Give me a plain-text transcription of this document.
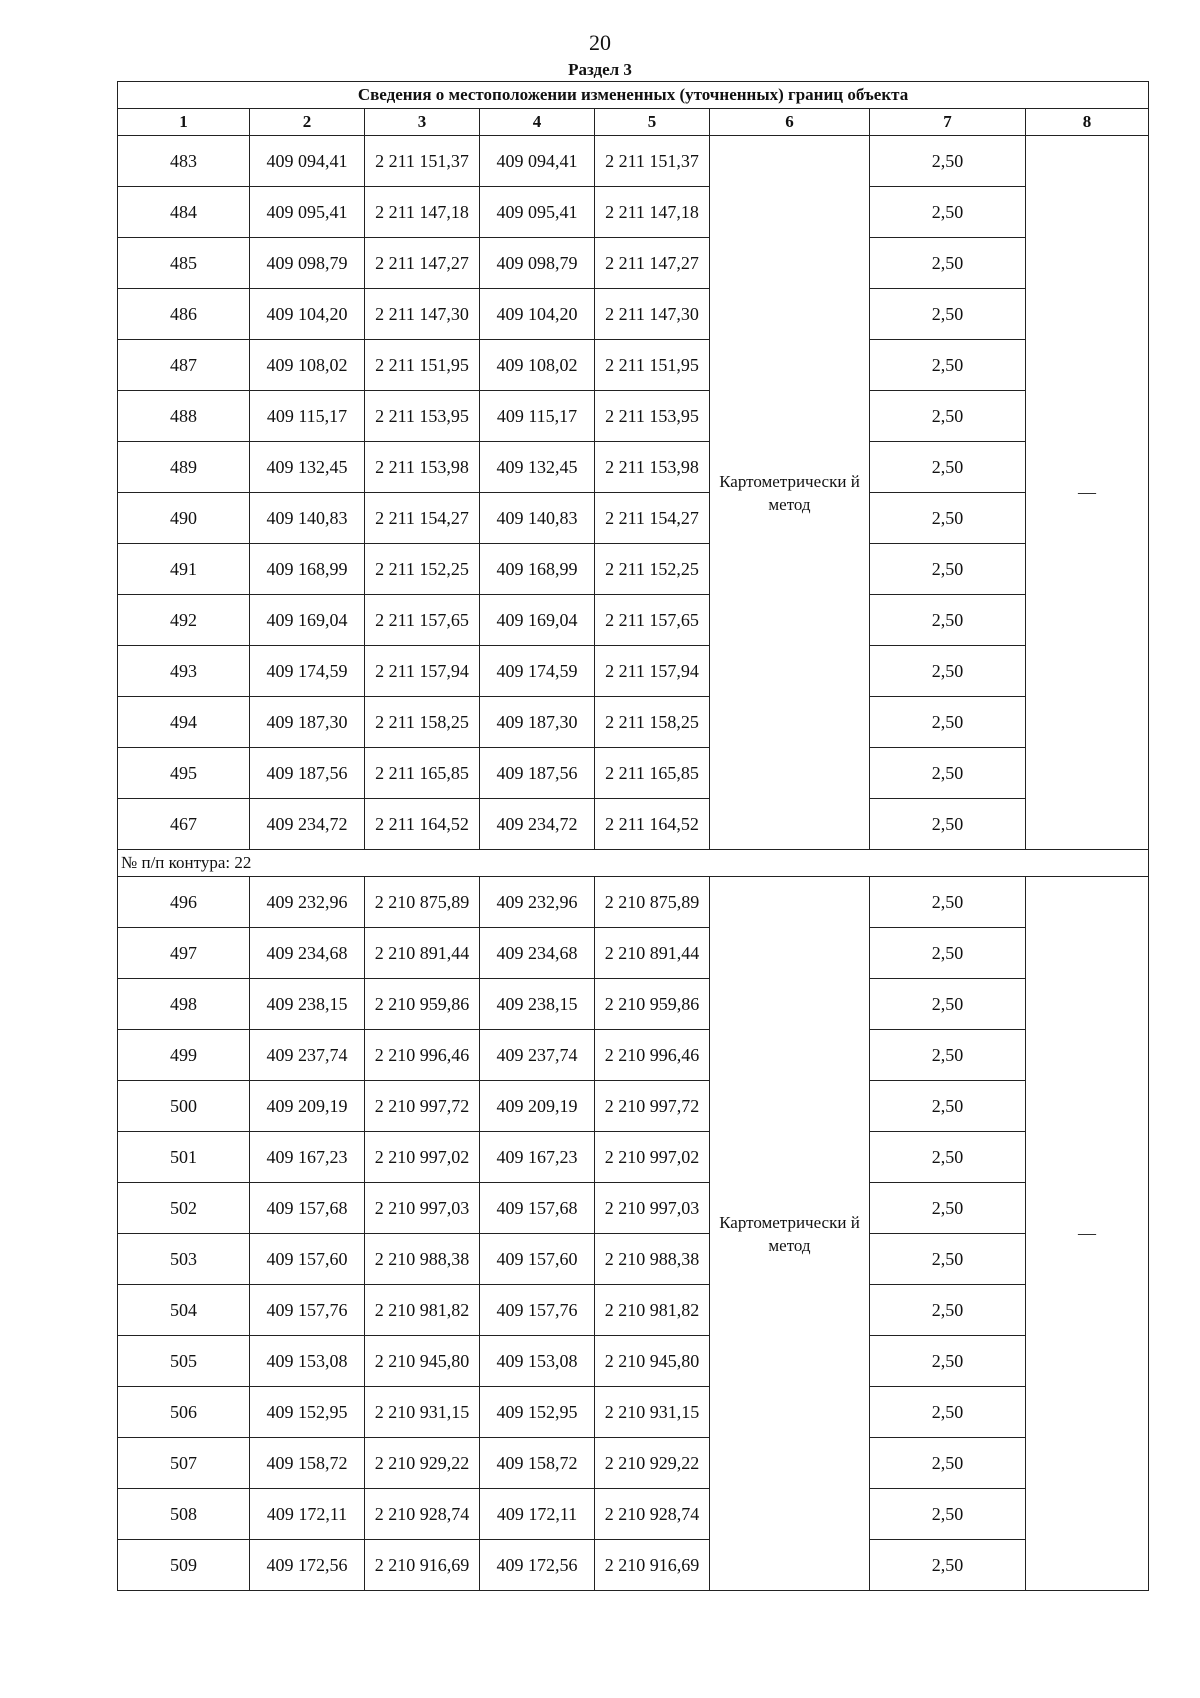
20
Раздел 3
Сведения о местоположении измененных (уточненных) границ объекта							
1	2	3	4	5	6	7	8
483	409 094,41	2 211 151,37	409 094,41	2 211 151,37	Картометрически й метод	2,50	—
484	409 095,41	2 211 147,18	409 095,41	2 211 147,18		2,50	
485	409 098,79	2 211 147,27	409 098,79	2 211 147,27		2,50	
486	409 104,20	2 211 147,30	409 104,20	2 211 147,30		2,50	
487	409 108,02	2 211 151,95	409 108,02	2 211 151,95		2,50	
488	409 115,17	2 211 153,95	409 115,17	2 211 153,95		2,50	
489	409 132,45	2 211 153,98	409 132,45	2 211 153,98		2,50	
490	409 140,83	2 211 154,27	409 140,83	2 211 154,27		2,50	
491	409 168,99	2 211 152,25	409 168,99	2 211 152,25		2,50	
492	409 169,04	2 211 157,65	409 169,04	2 211 157,65		2,50	
493	409 174,59	2 211 157,94	409 174,59	2 211 157,94		2,50	
494	409 187,30	2 211 158,25	409 187,30	2 211 158,25		2,50	
495	409 187,56	2 211 165,85	409 187,56	2 211 165,85		2,50	
467	409 234,72	2 211 164,52	409 234,72	2 211 164,52		2,50	
№ п/п контура: 22							
496	409 232,96	2 210 875,89	409 232,96	2 210 875,89	Картометрически й метод	2,50	—
497	409 234,68	2 210 891,44	409 234,68	2 210 891,44		2,50	
498	409 238,15	2 210 959,86	409 238,15	2 210 959,86		2,50	
499	409 237,74	2 210 996,46	409 237,74	2 210 996,46		2,50	
500	409 209,19	2 210 997,72	409 209,19	2 210 997,72		2,50	
501	409 167,23	2 210 997,02	409 167,23	2 210 997,02		2,50	
502	409 157,68	2 210 997,03	409 157,68	2 210 997,03		2,50	
503	409 157,60	2 210 988,38	409 157,60	2 210 988,38		2,50	
504	409 157,76	2 210 981,82	409 157,76	2 210 981,82		2,50	
505	409 153,08	2 210 945,80	409 153,08	2 210 945,80		2,50	
506	409 152,95	2 210 931,15	409 152,95	2 210 931,15		2,50	
507	409 158,72	2 210 929,22	409 158,72	2 210 929,22		2,50	
508	409 172,11	2 210 928,74	409 172,11	2 210 928,74		2,50	
509	409 172,56	2 210 916,69	409 172,56	2 210 916,69		2,50	
